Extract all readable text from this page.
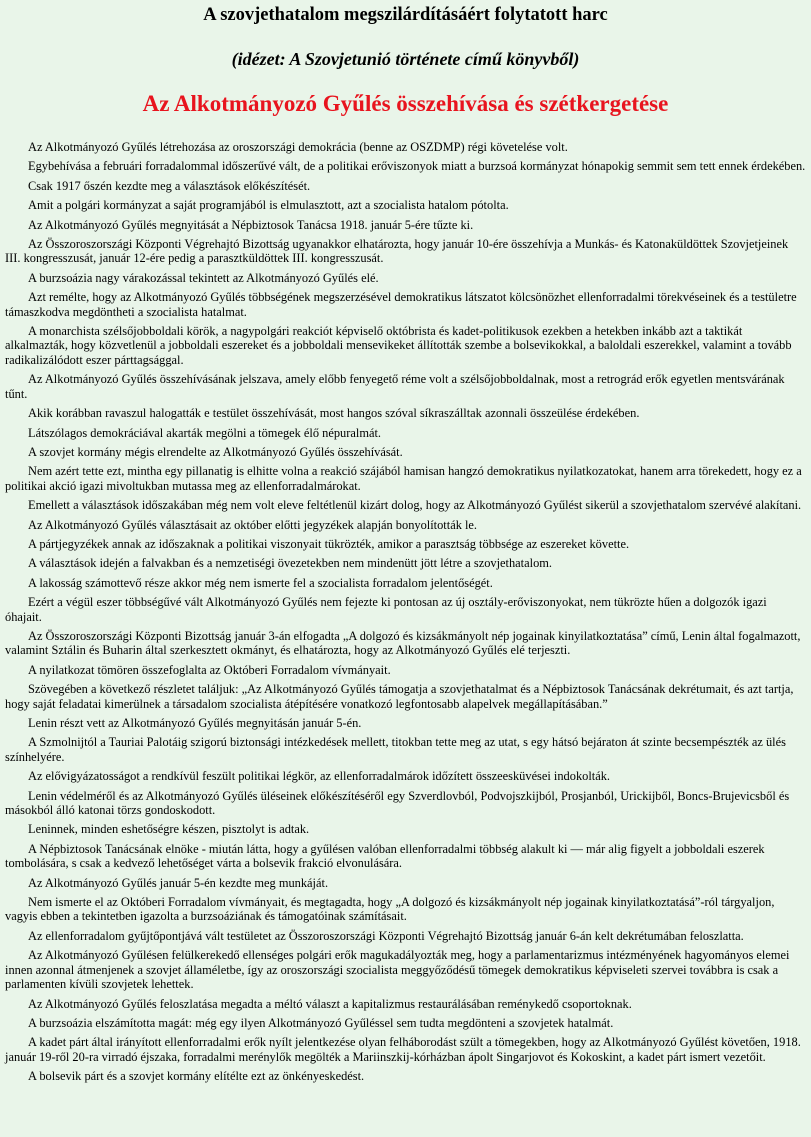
A szovjethatalom megszilárdításáért folytatott harc
(idézet: A Szovjetunió története című könyvből)
Az Alkotmányozó Gyűlés összehívása és szétkergetése

Az Alkotmányozó Gyűlés létrehozása az oroszországi demokrácia (benne az OSZDMP) régi követelése volt.

Egybehívása a februári forradalommal időszerűvé vált, de a politikai erőviszonyok miatt a burzsoá kormányzat hónapokig semmit sem tett ennek érdekében.

Csak 1917 őszén kezdte meg a választások előkészítését.

Amit a polgári kormányzat a saját programjából is elmulasztott, azt a szocialista hatalom pótolta.

Az Alkotmányozó Gyűlés megnyitását a Népbiztosok Tanácsa 1918. január 5-ére tűzte ki.

Az Összoroszországi Központi Végrehajtó Bizottság ugyanakkor elhatározta, hogy január 10-ére összehívja a Munkás- és Katonaküldöttek Szovjetjeinek III. kongresszusát, január 12-ére pedig a parasztküldöttek III. kongresszusát.

A burzsoázia nagy várakozással tekintett az Alkotmányozó Gyűlés elé.

Azt remélte, hogy az Alkotmányozó Gyűlés többségének megszerzésével demokratikus látszatot kölcsönözhet ellenforradalmi törekvéseinek és a testületre támaszkodva megdöntheti a szocialista hatalmat.

A monarchista szélsőjobboldali körök, a nagypolgári reakciót képviselő októbrista és kadet-politikusok ezekben a hetekben inkább azt a taktikát alkalmazták, hogy közvetlenül a jobboldali eszereket és a jobboldali mensevikeket állították szembe a bolsevikokkal, a baloldali eszerekkel, valamint a tovább radikalizálódott eszer párttagsággal.

Az Alkotmányozó Gyűlés összehívásának jelszava, amely előbb fenyegető réme volt a szélsőjobboldalnak, most a retrográd erők egyetlen mentsvárának tűnt.

Akik korábban ravaszul halogatták e testület összehívását, most hangos szóval síkraszálltak azonnali összeülése érdekében.

Látszólagos demokráciával akarták megölni a tömegek élő népuralmát.

A szovjet kormány mégis elrendelte az Alkotmányozó Gyűlés összehívását.

Nem azért tette ezt, mintha egy pillanatig is elhitte volna a reakció szájából hamisan hangzó demokratikus nyilatkozatokat, hanem arra törekedett, hogy ez a politikai akció igazi mivoltukban mutassa meg az ellenforradalmárokat.

Emellett a választások időszakában még nem volt eleve feltétlenül kizárt dolog, hogy az Alkotmányozó Gyűlést sikerül a szovjethatalom szervévé alakítani.

Az Alkotmányozó Gyűlés választásait az október előtti jegyzékek alapján bonyolították le.

A pártjegyzékek annak az időszaknak a politikai viszonyait tükrözték, amikor a parasztság többsége az eszereket követte.

A választások idején a falvakban és a nemzetiségi övezetekben nem mindenütt jött létre a szovjethatalom.

A lakosság számottevő része akkor még nem ismerte fel a szocialista forradalom jelentőségét.

Ezért a végül eszer többségűvé vált Alkotmányozó Gyűlés nem fejezte ki pontosan az új osztály-erőviszonyokat, nem tükrözte hűen a dolgozók igazi óhajait.

Az Összoroszországi Központi Bizottság január 3-án elfogadta „A dolgozó és kizsákmányolt nép jogainak kinyilatkoztatása” című, Lenin által fogalmazott, valamint Sztálin és Buharin által szerkesztett okmányt, és elhatározta, hogy az Alkotmányozó Gyűlés elé terjeszti.

A nyilatkozat tömören összefoglalta az Októberi Forradalom vívmányait.

Szövegében a következő részletet találjuk: „Az Alkotmányozó Gyűlés támogatja a szovjethatalmat és a Népbiztosok Tanácsának dekrétumait, és azt tartja, hogy saját feladatai kimerülnek a társadalom szocialista átépítésére vonatkozó legfontosabb alapelvek megállapításában.”

Lenin részt vett az Alkotmányozó Gyűlés megnyitásán január 5-én.

A Szmolnijtól a Tauriai Palotáig szigorú biztonsági intézkedések mellett, titokban tette meg az utat, s egy hátsó bejáraton át szinte becsempészték az ülés színhelyére.

Az elővigyázatosságot a rendkívül feszült politikai légkör, az ellenforradalmárok időzített összeesküvései indokolták.

Lenin védelméről és az Alkotmányozó Gyűlés üléseinek előkészítéséről egy Szverdlovból, Podvojszkijból, Prosjanból, Urickijből, Boncs-Brujevicsből és másokból álló katonai törzs gondoskodott.

Leninnek, minden eshetőségre készen, pisztolyt is adtak.

A Népbiztosok Tanácsának elnöke - miután látta, hogy a gyűlésen valóban ellenforradalmi többség alakult ki — már alig figyelt a jobboldali eszerek tombolására, s csak a kedvező lehetőséget várta a bolsevik frakció elvonulására.

Az Alkotmányozó Gyűlés január 5-én kezdte meg munkáját.

Nem ismerte el az Októberi Forradalom vívmányait, és megtagadta, hogy „A dolgozó és kizsákmányolt nép jogainak kinyilatkoztatásá”-ról tárgyaljon, vagyis ebben a tekintetben igazolta a burzsoáziának és támogatóinak számításait.

Az ellenforradalom gyűjtőpontjává vált testületet az Összoroszországi Központi Végrehajtó Bizottság január 6-án kelt dekrétumában feloszlatta.

Az Alkotmányozó Gyűlésen felülkerekedő ellenséges polgári erők magukadályozták meg, hogy a parlamentarizmus intézményének hagyományos elemei innen azonnal átmenjenek a szovjet államéletbe, így az oroszországi szocialista meggyőződésű tömegek demokratikus képviseleti szervei továbbra is csak a parlamenten kívüli szovjetek lehettek.

Az Alkotmányozó Gyűlés feloszlatása megadta a méltó választ a kapitalizmus restaurálásában reménykedő csoportoknak.

A burzsoázia elszámította magát: még egy ilyen Alkotmányozó Gyűléssel sem tudta megdönteni a szovjetek hatalmát.

A kadet párt által irányított ellenforradalmi erők nyílt jelentkezése olyan felháborodást szült a tömegekben, hogy az Alkotmányozó Gyűlést követően, 1918. január 19-ről 20-ra virradó éjszaka, forradalmi merénylők megölték a Mariinszkij-kórházban ápolt Singarjovot és Kokoskint, a kadet párt ismert vezetőit.

A bolsevik párt és a szovjet kormány elítélte ezt az önkényeskedést.
